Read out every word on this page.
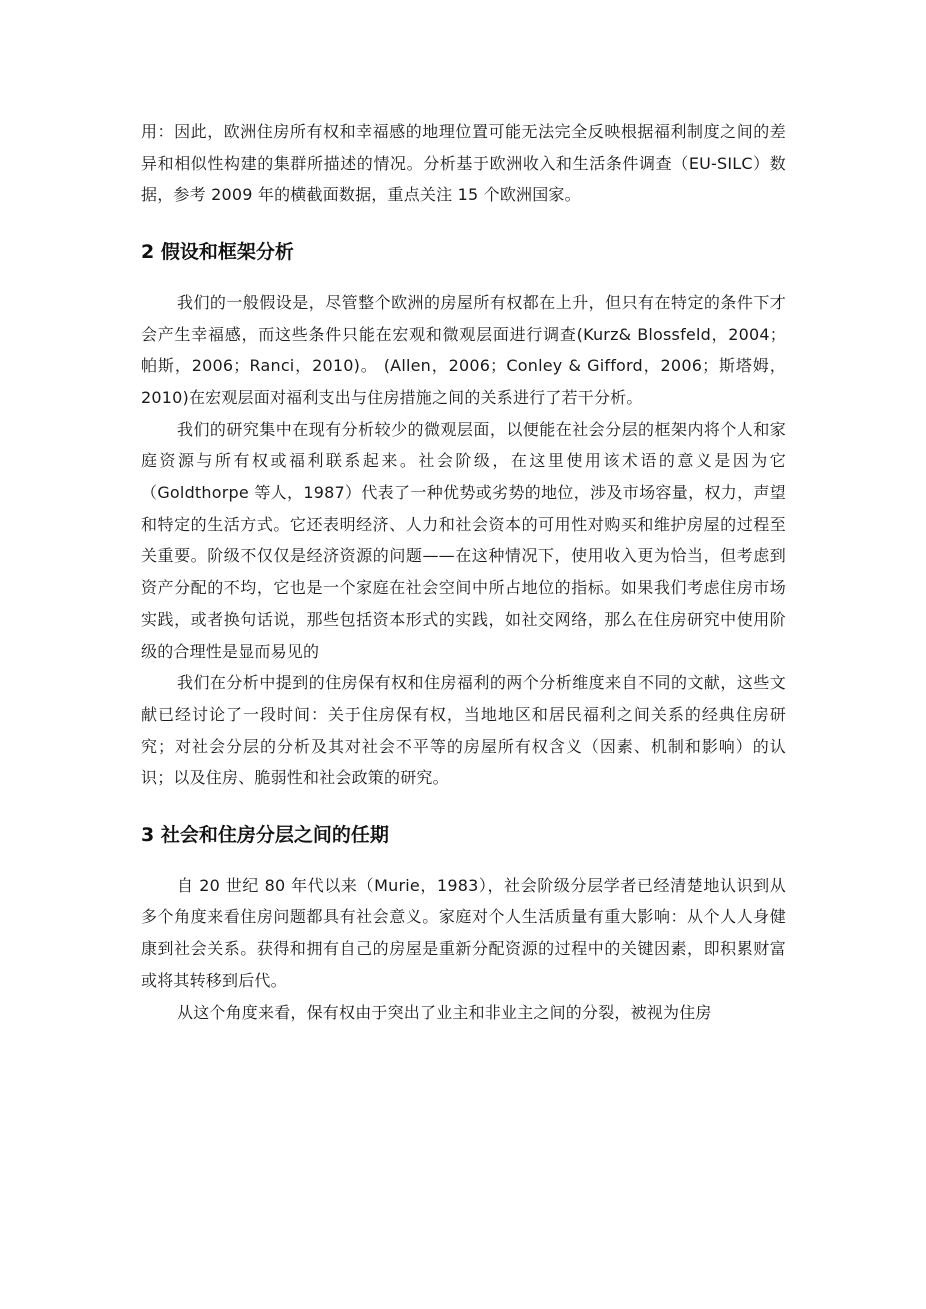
用：因此，欧洲住房所有权和幸福感的地理位置可能无法完全反映根据福利制度之间的差异和相似性构建的集群所描述的情况。分析基于欧洲收入和生活条件调查（EU-SILC）数据，参考 2009 年的横截面数据，重点关注 15 个欧洲国家。

2 假设和框架分析

我们的一般假设是，尽管整个欧洲的房屋所有权都在上升，但只有在特定的条件下才会产生幸福感，而这些条件只能在宏观和微观层面进行调查(Kurz& Blossfeld，2004；帕斯，2006；Ranci，2010)。 (Allen，2006；Conley & Gifford，2006；斯塔姆，2010)在宏观层面对福利支出与住房措施之间的关系进行了若干分析。

我们的研究集中在现有分析较少的微观层面，以便能在社会分层的框架内将个人和家庭资源与所有权或福利联系起来。社会阶级，在这里使用该术语的意义是因为它（Goldthorpe 等人，1987）代表了一种优势或劣势的地位，涉及市场容量，权力，声望和特定的生活方式。它还表明经济、人力和社会资本的可用性对购买和维护房屋的过程至关重要。阶级不仅仅是经济资源的问题——在这种情况下，使用收入更为恰当，但考虑到资产分配的不均，它也是一个家庭在社会空间中所占地位的指标。如果我们考虑住房市场实践，或者换句话说，那些包括资本形式的实践，如社交网络，那么在住房研究中使用阶级的合理性是显而易见的

我们在分析中提到的住房保有权和住房福利的两个分析维度来自不同的文献，这些文献已经讨论了一段时间：关于住房保有权，当地地区和居民福利之间关系的经典住房研究；对社会分层的分析及其对社会不平等的房屋所有权含义（因素、机制和影响）的认识；以及住房、脆弱性和社会政策的研究。

3 社会和住房分层之间的任期

自 20 世纪 80 年代以来（Murie，1983），社会阶级分层学者已经清楚地认识到从多个角度来看住房问题都具有社会意义。家庭对个人生活质量有重大影响：从个人人身健康到社会关系。获得和拥有自己的房屋是重新分配资源的过程中的关键因素，即积累财富或将其转移到后代。

从这个角度来看，保有权由于突出了业主和非业主之间的分裂，被视为住房
